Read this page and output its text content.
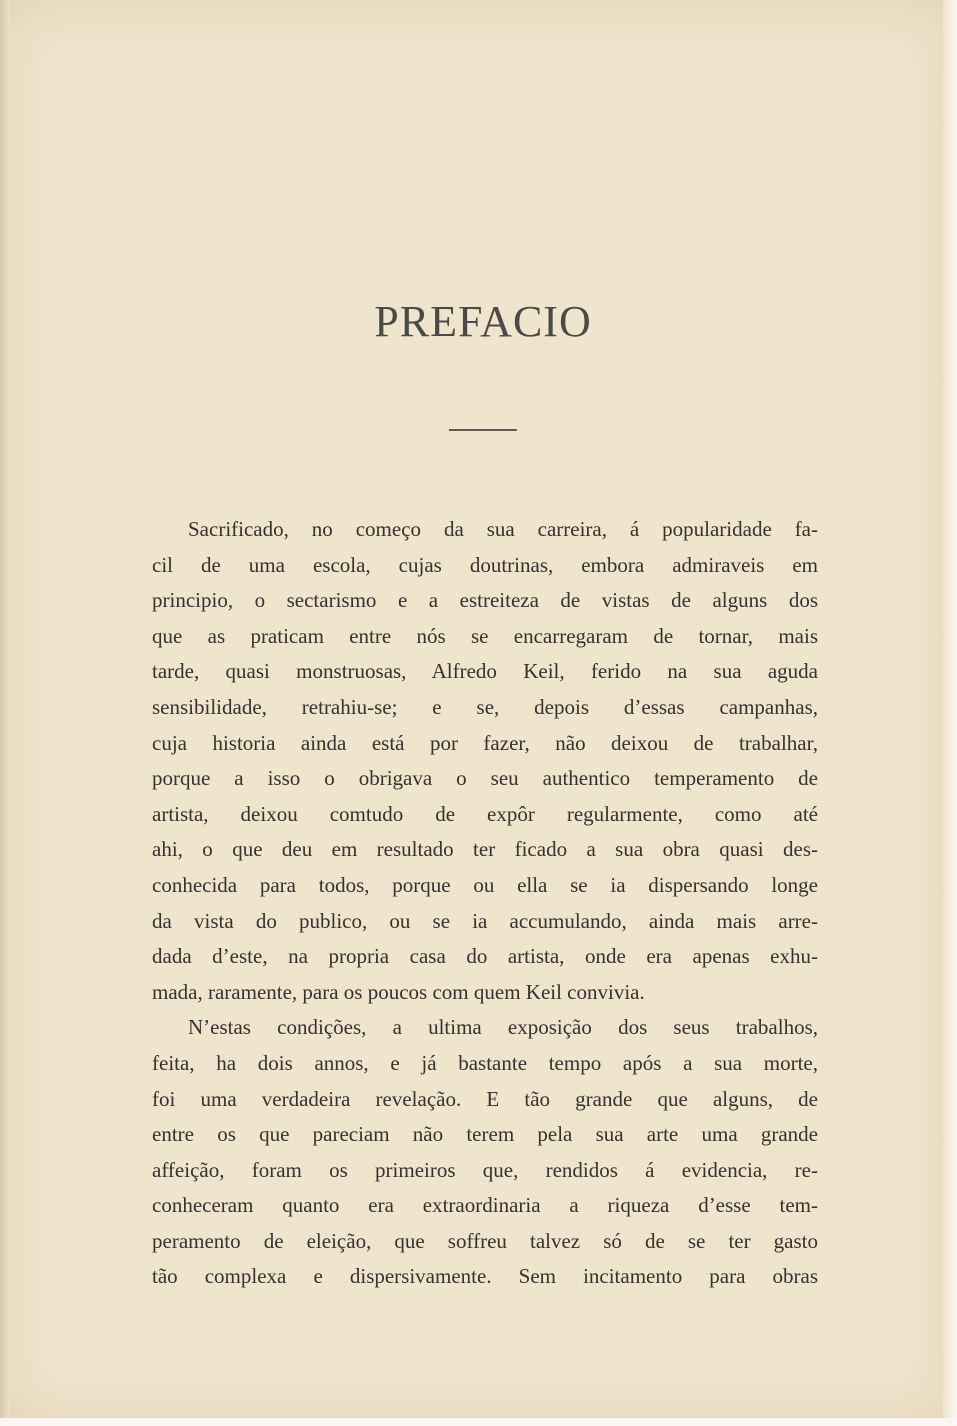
PREFACIO
Sacrificado, no começo da sua carreira, á popularidade fa-
cil de uma escola, cujas doutrinas, embora admiraveis em
principio, o sectarismo e a estreiteza de vistas de alguns dos
que as praticam entre nós se encarregaram de tornar, mais
tarde, quasi monstruosas, Alfredo Keil, ferido na sua aguda
sensibilidade, retrahiu-se; e se, depois d’essas campanhas,
cuja historia ainda está por fazer, não deixou de trabalhar,
porque a isso o obrigava o seu authentico temperamento de
artista, deixou comtudo de expôr regularmente, como até
ahi, o que deu em resultado ter ficado a sua obra quasi des-
conhecida para todos, porque ou ella se ia dispersando longe
da vista do publico, ou se ia accumulando, ainda mais arre-
dada d’este, na propria casa do artista, onde era apenas exhu-
mada, raramente, para os poucos com quem Keil convivia.
N’estas condições, a ultima exposição dos seus trabalhos,
feita, ha dois annos, e já bastante tempo após a sua morte,
foi uma verdadeira revelação. E tão grande que alguns, de
entre os que pareciam não terem pela sua arte uma grande
affeição, foram os primeiros que, rendidos á evidencia, re-
conheceram quanto era extraordinaria a riqueza d’esse tem-
peramento de eleição, que soffreu talvez só de se ter gasto
tão complexa e dispersivamente. Sem incitamento para obras
